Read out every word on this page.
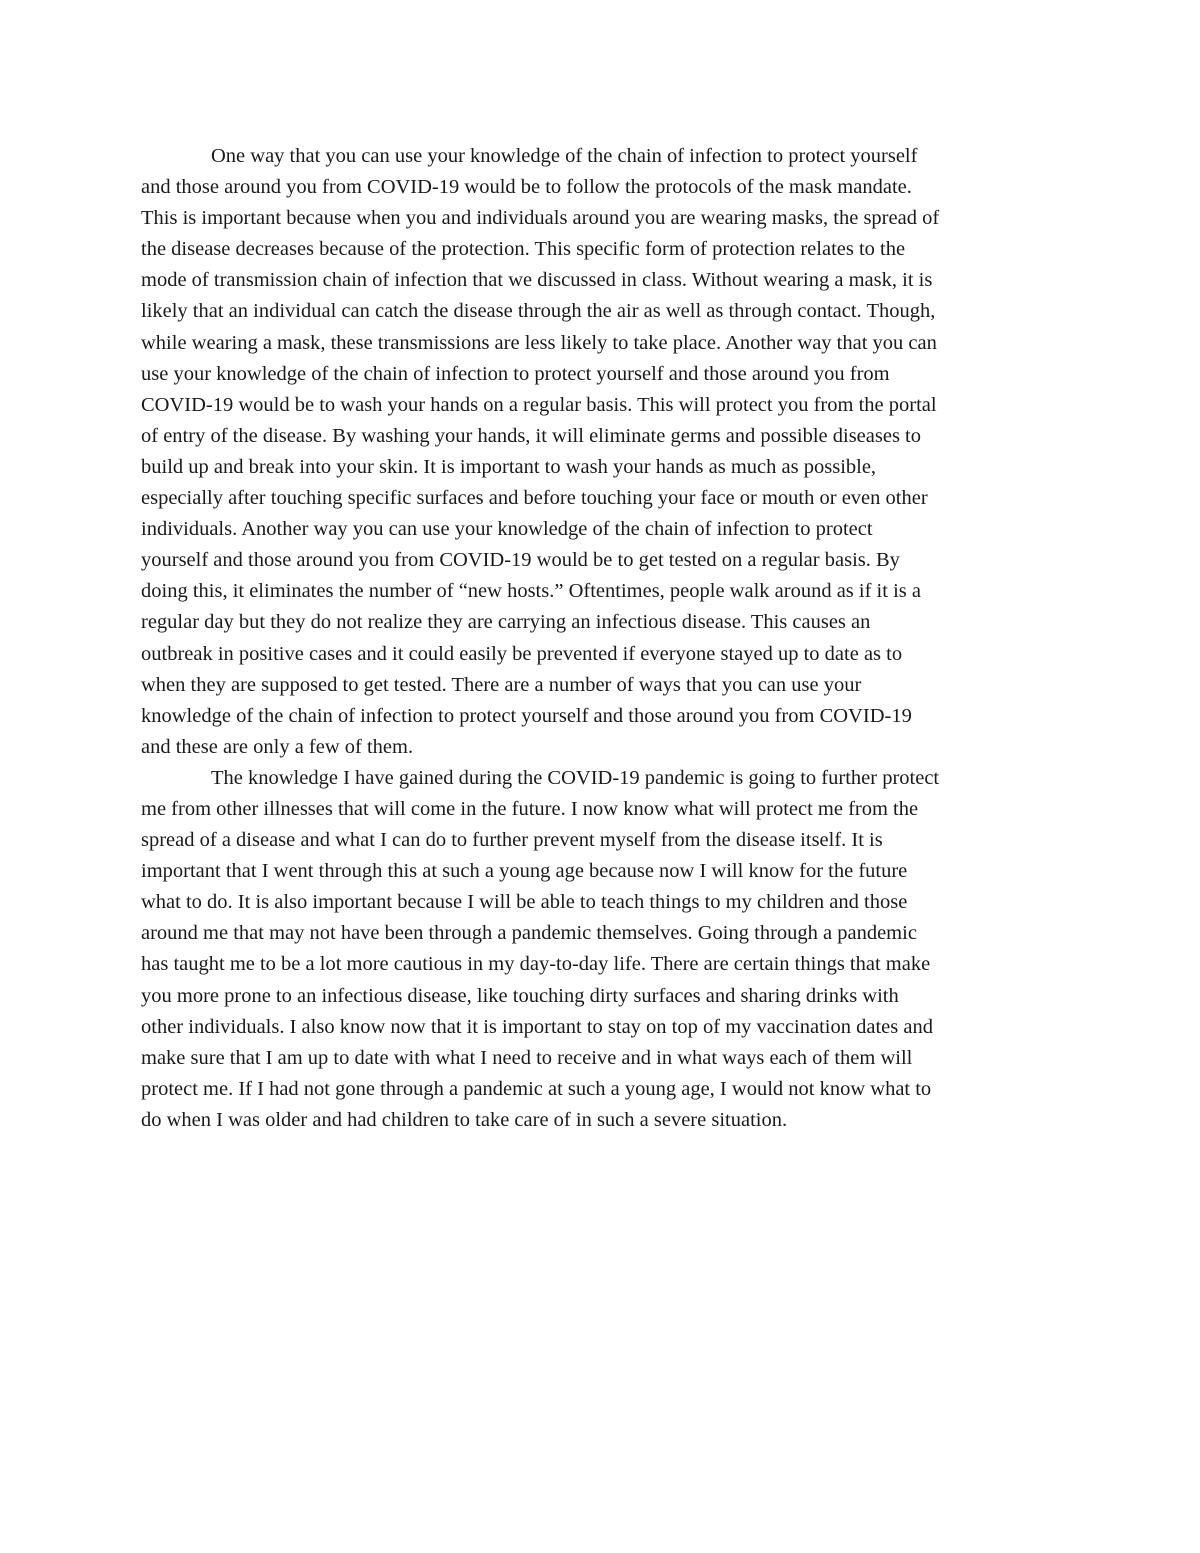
One way that you can use your knowledge of the chain of infection to protect yourself
and those around you from COVID-19 would be to follow the protocols of the mask mandate.
This is important because when you and individuals around you are wearing masks, the spread of
the disease decreases because of the protection. This specific form of protection relates to the
mode of transmission chain of infection that we discussed in class. Without wearing a mask, it is
likely that an individual can catch the disease through the air as well as through contact. Though,
while wearing a mask, these transmissions are less likely to take place. Another way that you can
use your knowledge of the chain of infection to protect yourself and those around you from
COVID-19 would be to wash your hands on a regular basis. This will protect you from the portal
of entry of the disease. By washing your hands, it will eliminate germs and possible diseases to
build up and break into your skin. It is important to wash your hands as much as possible,
especially after touching specific surfaces and before touching your face or mouth or even other
individuals. Another way you can use your knowledge of the chain of infection to protect
yourself and those around you from COVID-19 would be to get tested on a regular basis. By
doing this, it eliminates the number of “new hosts.” Oftentimes, people walk around as if it is a
regular day but they do not realize they are carrying an infectious disease. This causes an
outbreak in positive cases and it could easily be prevented if everyone stayed up to date as to
when they are supposed to get tested. There are a number of ways that you can use your
knowledge of the chain of infection to protect yourself and those around you from COVID-19
and these are only a few of them.
The knowledge I have gained during the COVID-19 pandemic is going to further protect
me from other illnesses that will come in the future. I now know what will protect me from the
spread of a disease and what I can do to further prevent myself from the disease itself. It is
important that I went through this at such a young age because now I will know for the future
what to do. It is also important because I will be able to teach things to my children and those
around me that may not have been through a pandemic themselves. Going through a pandemic
has taught me to be a lot more cautious in my day-to-day life. There are certain things that make
you more prone to an infectious disease, like touching dirty surfaces and sharing drinks with
other individuals. I also know now that it is important to stay on top of my vaccination dates and
make sure that I am up to date with what I need to receive and in what ways each of them will
protect me. If I had not gone through a pandemic at such a young age, I would not know what to
do when I was older and had children to take care of in such a severe situation.
